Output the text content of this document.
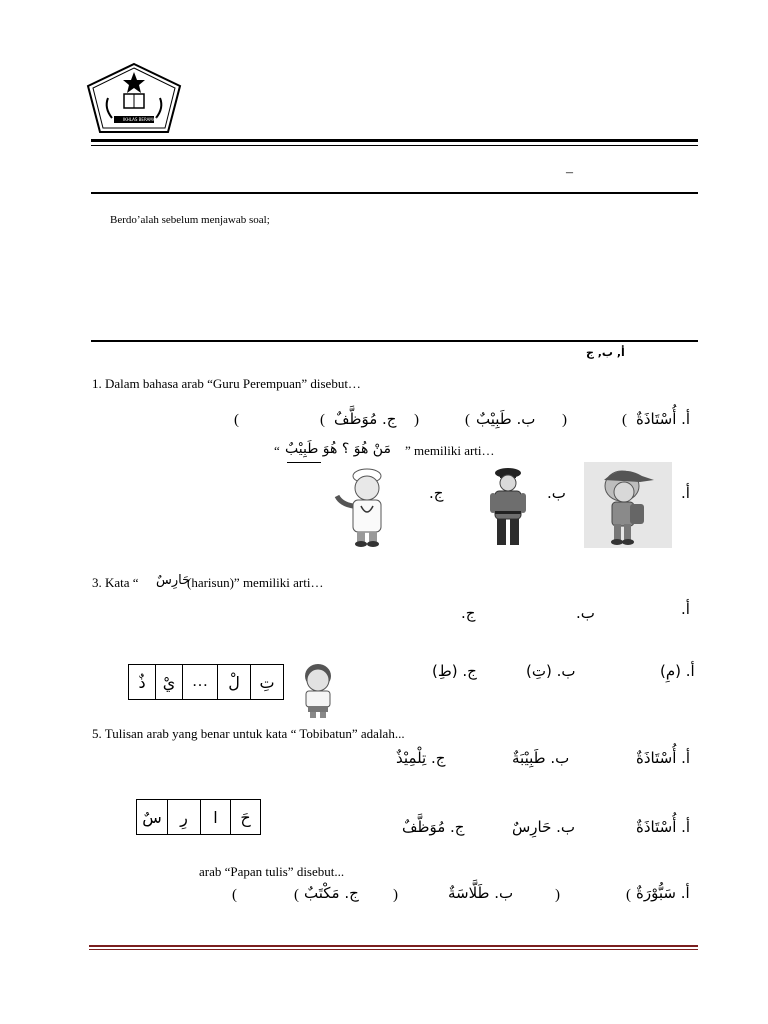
IKHLAS BERAMAL
–
Berdo’alah sebelum menjawab soal;
أ, ب, ج
1. Dalam bahasa arab “Guru Perempuan” disebut…
أ. أُسْتَاذَةٌ
(
)
ب. طَبِيْبٌ
(
)
ج. مُوَظَّفٌ
(
(
“ مَنْ هُوَ ؟ هُوَ طَبِيْبٌ ” memiliki arti…
أ.
ب.
ج.
3. Kata “ حَارِسٌ
(harisun)” memiliki arti…
أ.
ب.
ج.
تِ
لْ
…
يْ
ذٌ
أ. (مِ)
ب. (تِ)
ج. (طِ)
5. Tulisan arab yang benar untuk kata “ Tobibatun” adalah...
أ. أُسْتَاذَةٌ
ب. طَبِيْبَةٌ
ج. تِلْمِيْذٌ
حَ
ا
رِ
سٌ
أ. أُسْتَاذَةٌ
ب. حَارِسٌ
ج. مُوَظَّفٌ
arab “Papan tulis” disebut...
أ. سَبُّوْرَةٌ
(
)
ب. طَلَّاسَةٌ
)
ج. مَكْتَبٌ
(
(
